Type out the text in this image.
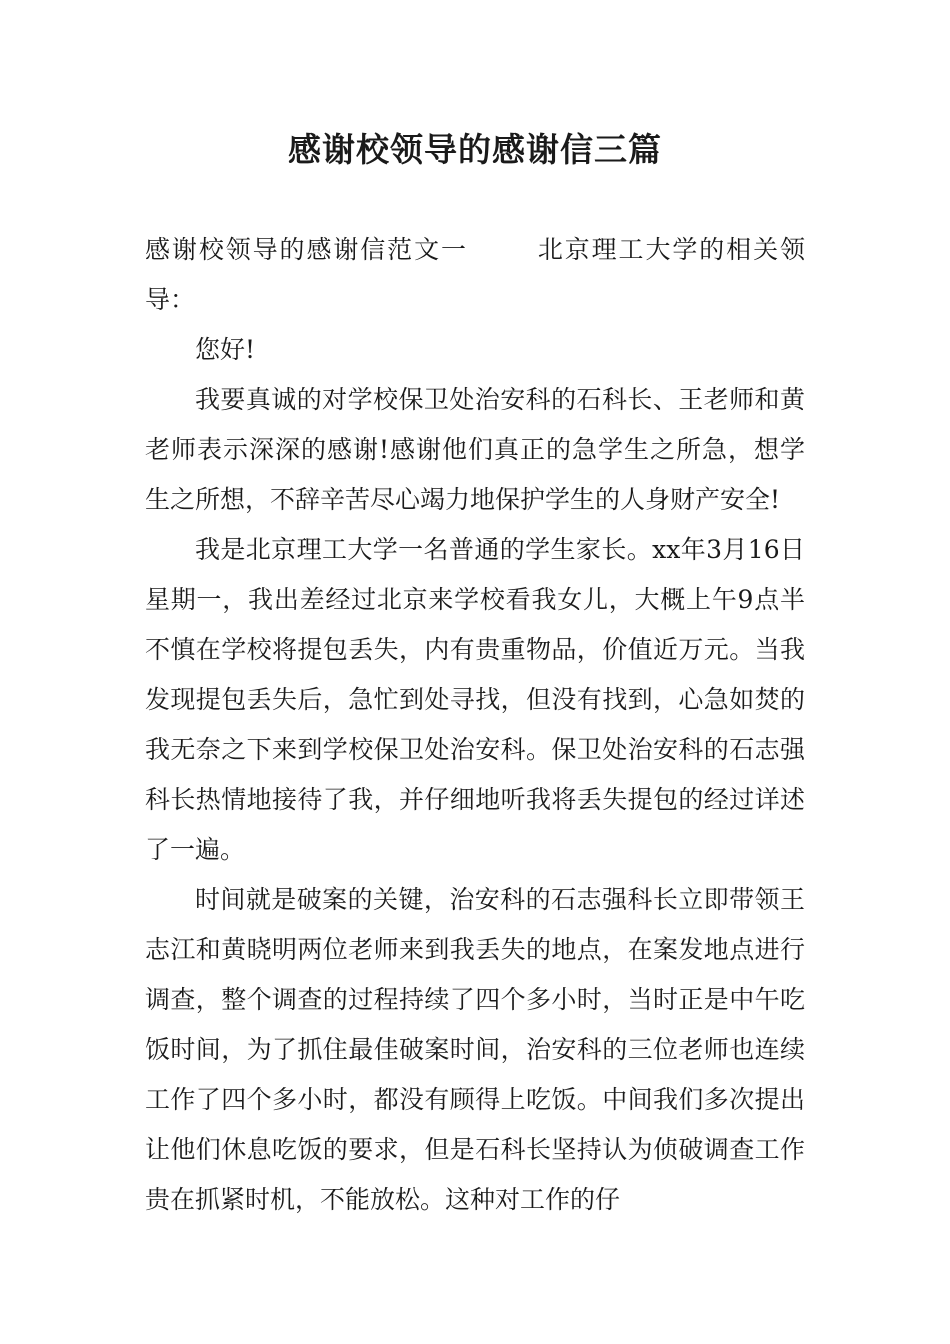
感谢校领导的感谢信三篇

感谢校领导的感谢信范文一	北京理工大学的相关领导：

您好!

我要真诚的对学校保卫处治安科的石科长、王老师和黄老师表示深深的感谢!感谢他们真正的急学生之所急，想学生之所想，不辞辛苦尽心竭力地保护学生的人身财产安全!

我是北京理工大学一名普通的学生家长。xx年3月16日星期一，我出差经过北京来学校看我女儿，大概上午9点半不慎在学校将提包丢失，内有贵重物品，价值近万元。当我发现提包丢失后，急忙到处寻找，但没有找到，心急如焚的我无奈之下来到学校保卫处治安科。保卫处治安科的石志强科长热情地接待了我，并仔细地听我将丢失提包的经过详述了一遍。

时间就是破案的关键，治安科的石志强科长立即带领王志江和黄晓明两位老师来到我丢失的地点，在案发地点进行调查，整个调查的过程持续了四个多小时，当时正是中午吃饭时间，为了抓住最佳破案时间，治安科的三位老师也连续工作了四个多小时，都没有顾得上吃饭。中间我们多次提出让他们休息吃饭的要求，但是石科长坚持认为侦破调查工作贵在抓紧时机，不能放松。这种对工作的仔
